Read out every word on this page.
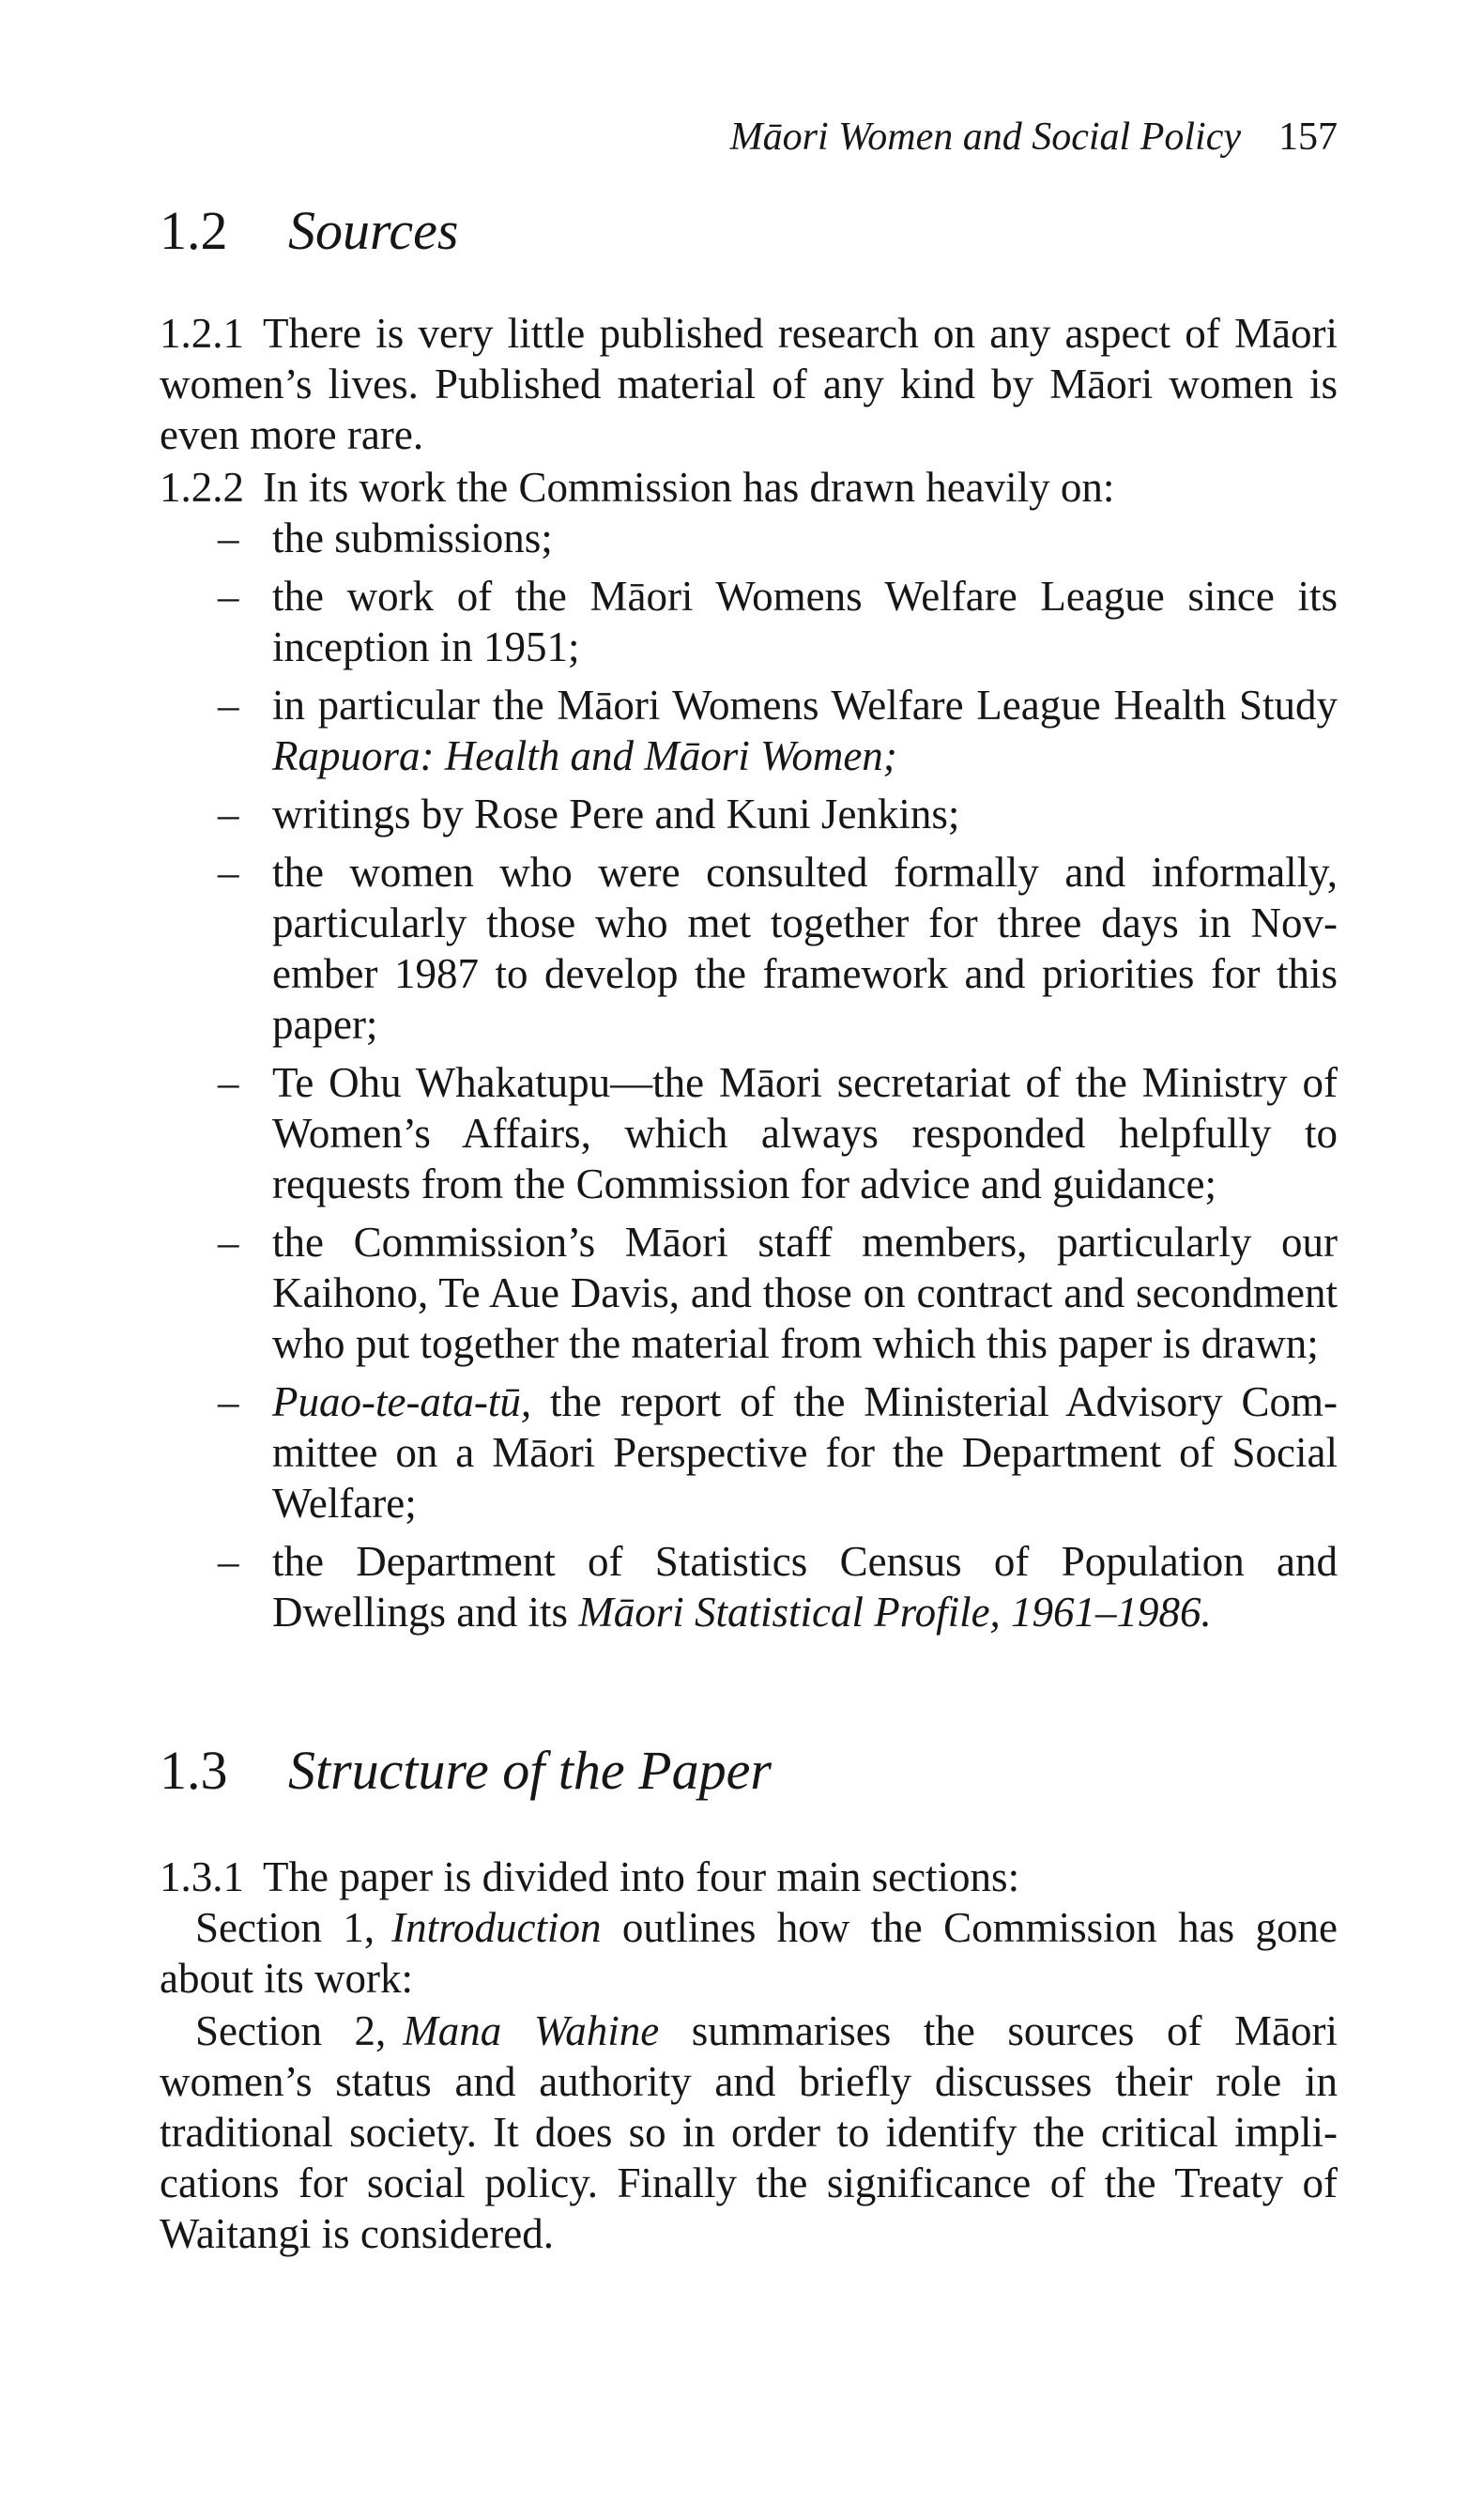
Māori Women and Social Policy 157
1.2 Sources

1.2.1 There is very little published research on any aspect of Māori women’s lives. Published material of any kind by Māori women is even more rare.

1.2.2 In its work the Commission has drawn heavily on:

– the submissions;
– the work of the Māori Womens Welfare League since its inception in 1951;
– in particular the Māori Womens Welfare League Health Study Rapuora: Health and Māori Women;
– writings by Rose Pere and Kuni Jenkins;
– the women who were consulted formally and informally, particularly those who met together for three days in November 1987 to develop the framework and priorities for this paper;
– Te Ohu Whakatupu—the Māori secretariat of the Ministry of Women’s Affairs, which always responded helpfully to requests from the Commission for advice and guidance;
– the Commission’s Māori staff members, particularly our Kaihono, Te Aue Davis, and those on contract and secondment who put together the material from which this paper is drawn;
– Puao-te-ata-tū, the report of the Ministerial Advisory Committee on a Māori Perspective for the Department of Social Welfare;
– the Department of Statistics Census of Population and Dwellings and its Māori Statistical Profile, 1961–1986.
1.3 Structure of the Paper

1.3.1 The paper is divided into four main sections:

Section 1, Introduction outlines how the Commission has gone about its work:

Section 2, Mana Wahine summarises the sources of Māori women’s status and authority and briefly discusses their role in traditional society. It does so in order to identify the critical implications for social policy. Finally the significance of the Treaty of Waitangi is considered.
